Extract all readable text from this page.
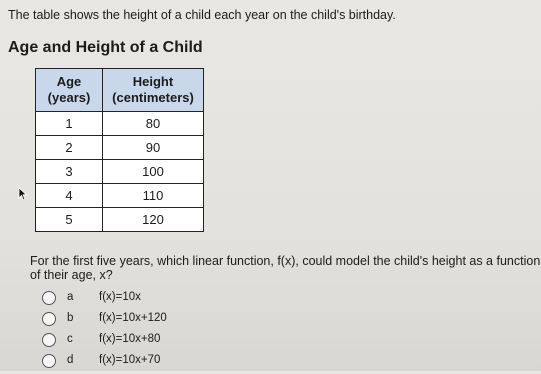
The table shows the height of a child each year on the child's birthday.
Age and Height of a Child
Age (years)	Height (centimeters)
1	80
2	90
3	100
4	110
5	120
For the first five years, which linear function, f(x), could model the child's height as a function of their age, x?
a f(x)=10x
b f(x)=10x+120
c f(x)=10x+80
d f(x)=10x+70
